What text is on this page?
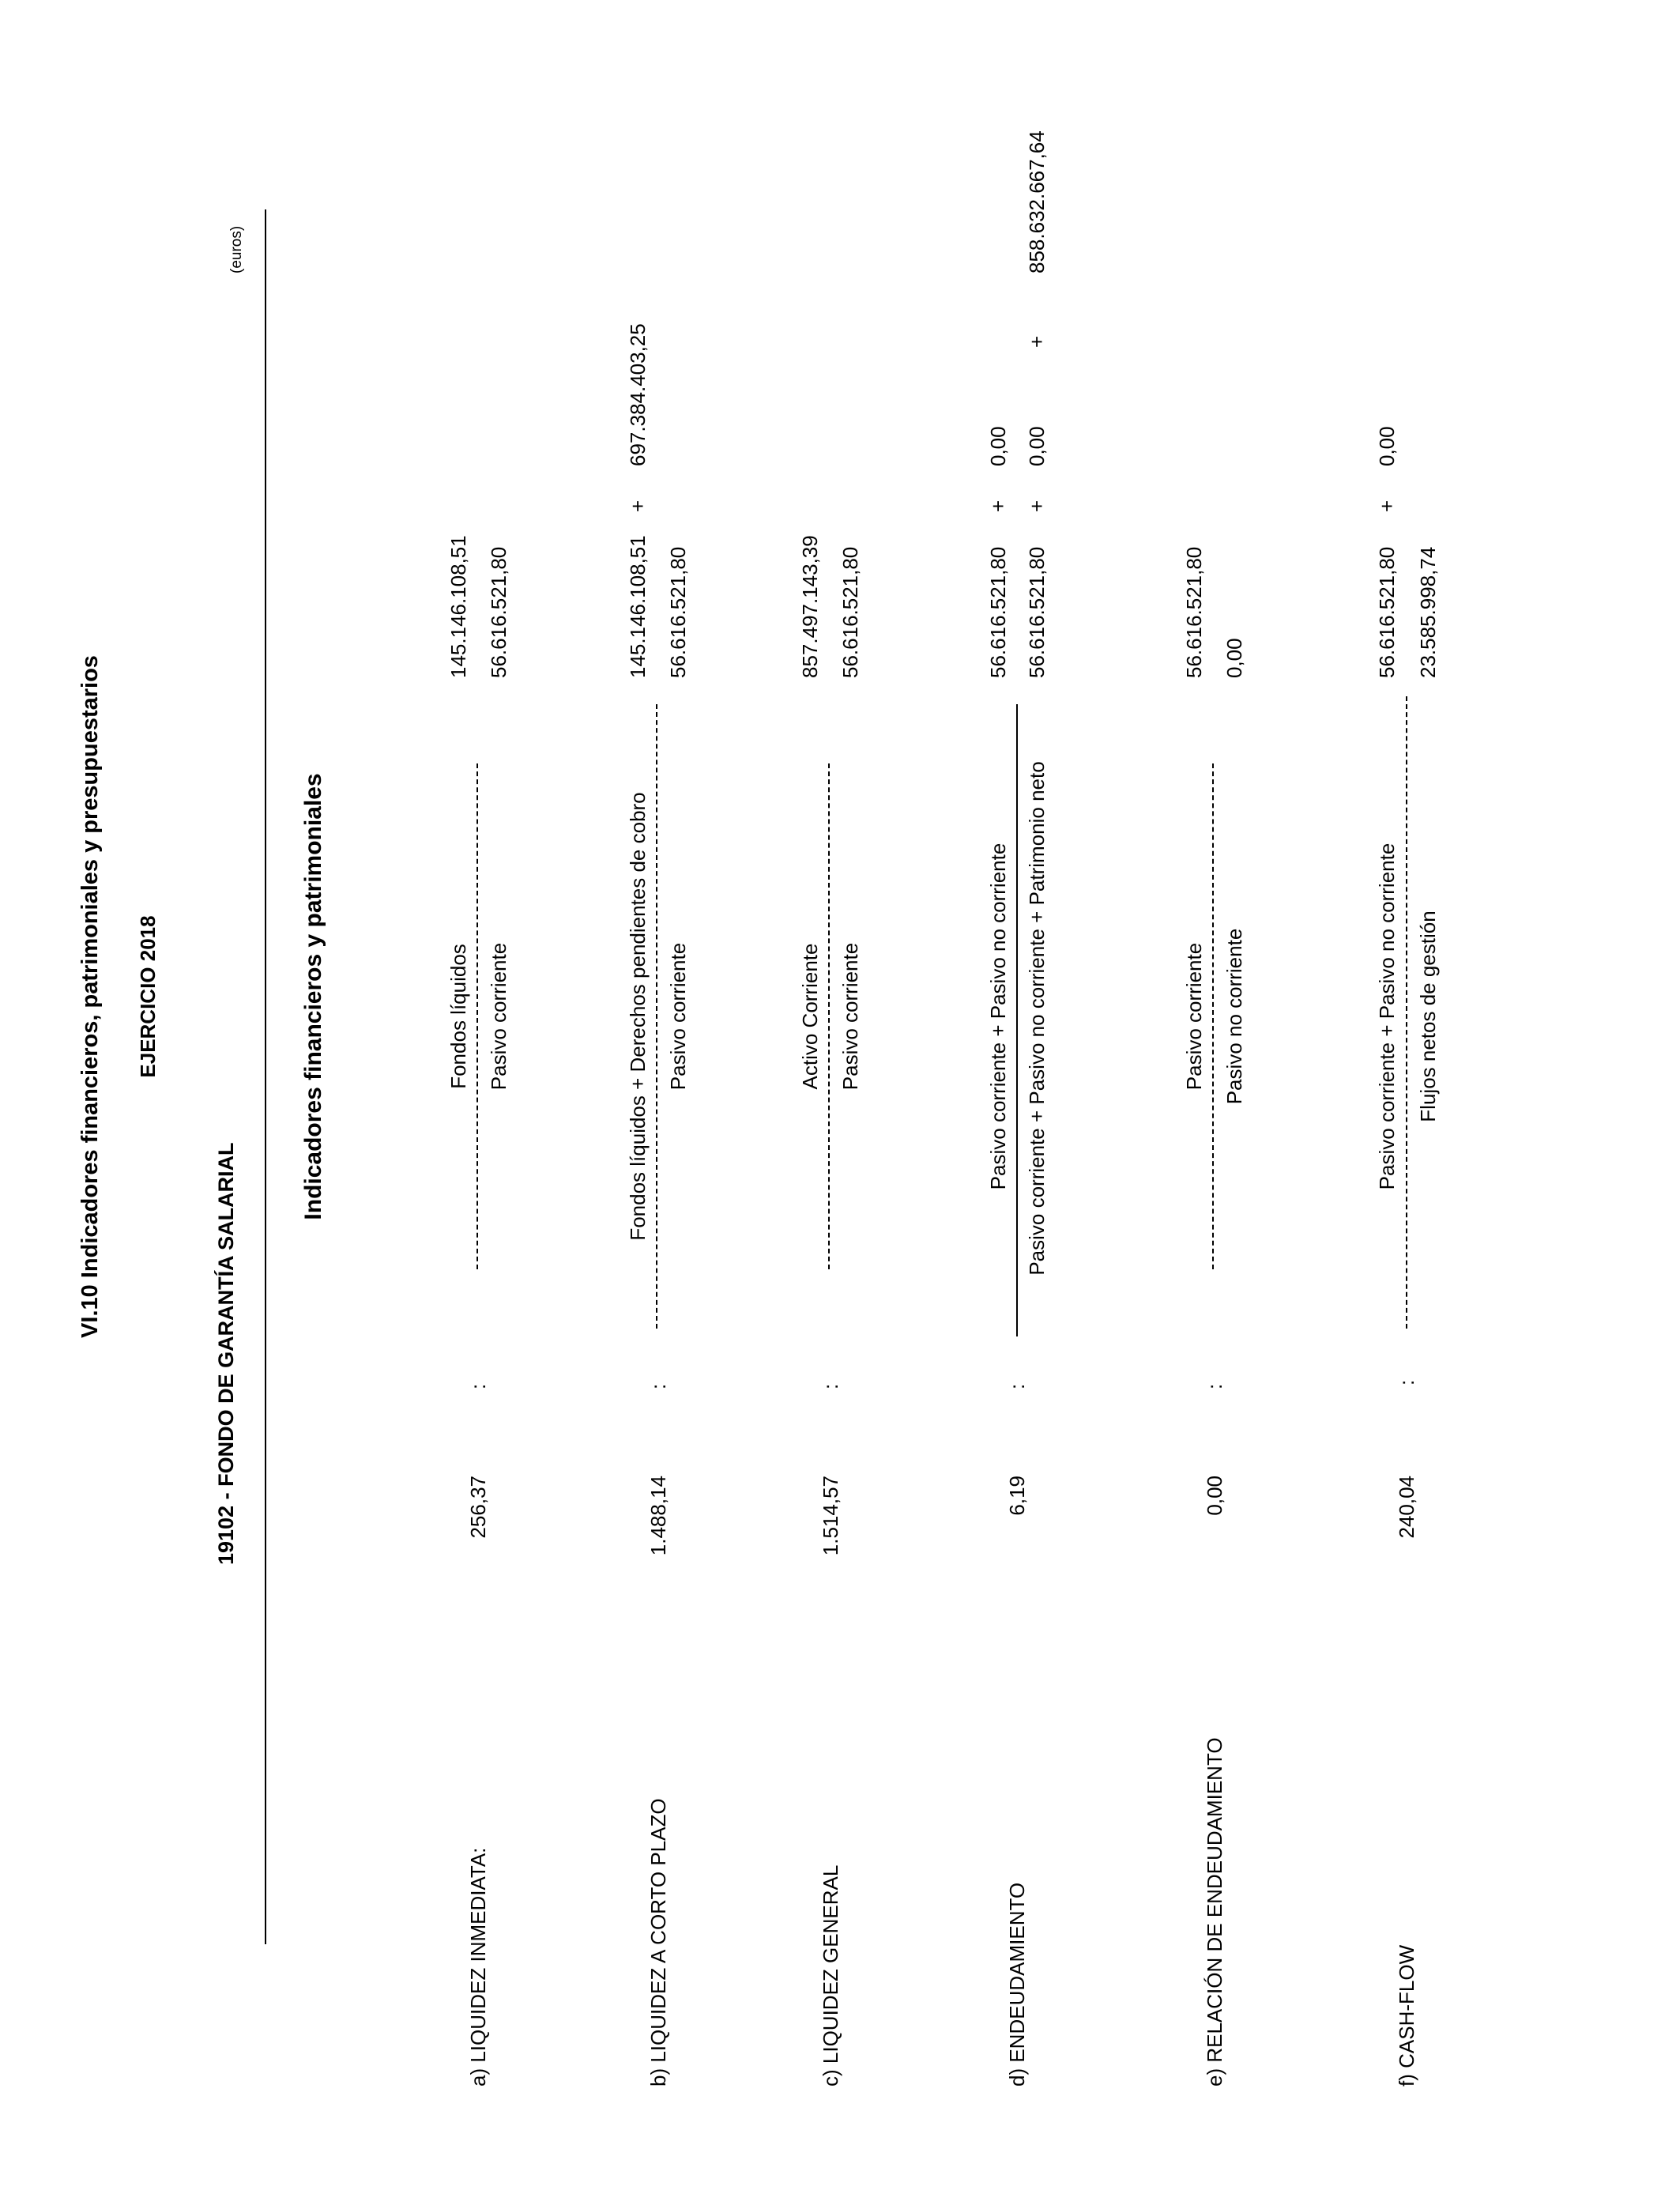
VI.10 Indicadores financieros, patrimoniales y presupuestarios EJERCICIO 2018
19102 - FONDO DE GARANTÍA SALARIAL
(euros)
Indicadores financieros y patrimoniales
a) LIQUIDEZ INMEDIATA:
256,37
:
Fondos líquidos Pasivo corriente
145.146.108,51 56.616.521,80
b) LIQUIDEZ A CORTO PLAZO
1.488,14
:
Fondos líquidos + Derechos pendientes de cobro Pasivo corriente
145.146.108,51
+
697.384.403,25
56.616.521,80
c) LIQUIDEZ GENERAL
1.514,57
:
Activo Corriente Pasivo corriente
857.497.143,39 56.616.521,80
d) ENDEUDAMIENTO
6,19
:
Pasivo corriente + Pasivo no corriente Pasivo corriente + Pasivo no corriente + Patrimonio neto
56.616.521,80
+
0,00
56.616.521,80
+
0,00
+
858.632.667,64
e) RELACIÓN DE ENDEUDAMIENTO
0,00
:
Pasivo corriente Pasivo no corriente
56.616.521,80 0,00
f) CASH-FLOW
240,04
:
Pasivo corriente + Pasivo no corriente Flujos netos de gestión
56.616.521,80
+
0,00
23.585.998,74
